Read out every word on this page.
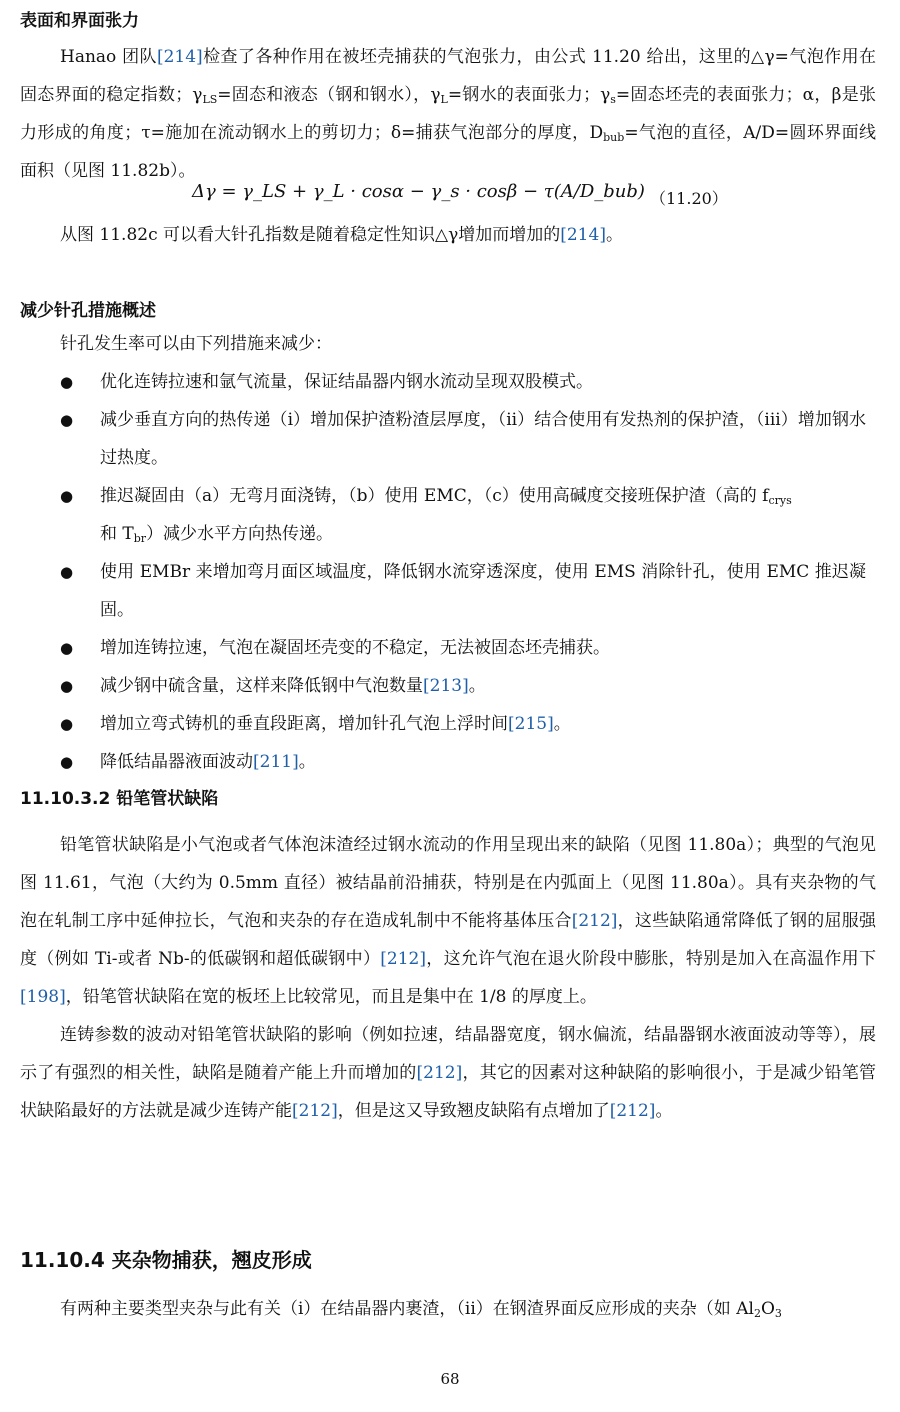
表面和界面张力

Hanao 团队[214]检查了各种作用在被坯壳捕获的气泡张力，由公式 11.20 给出，这里的△γ=气泡作用在固态界面的稳定指数；$\gamma_{LS}=$固态和液态（钢和钢水），$\gamma_L=$钢水的表面张力；$\gamma_s=$固态坯壳的表面张力；α，β是张力形成的角度；τ=施加在流动钢水上的剪切力；δ=捕获气泡部分的厚度，$D_{bub}=$气泡的直径，A/D=圆环界面线面积（见图 11.82b）。

Δγ = γ_LS + γ_L · cosα − γ_s · cosβ − τ(A/D_bub) （11.20）

从图 11.82c 可以看大针孔指数是随着稳定性知识△γ增加而增加的[214]。

减少针孔措施概述

针孔发生率可以由下列措施来减少：

● 优化连铸拉速和氩气流量，保证结晶器内钢水流动呈现双股模式。
● 减少垂直方向的热传递（i）增加保护渣粉渣层厚度，（ii）结合使用有发热剂的保护渣，（iii）增加钢水过热度。
● 推迟凝固由（a）无弯月面浇铸，（b）使用 EMC，（c）使用高碱度交接班保护渣（高的 $f_{crys}$
和 $T_{br}$）减少水平方向热传递。
● 使用 EMBr 来增加弯月面区域温度，降低钢水流穿透深度，使用 EMS 消除针孔，使用 EMC 推迟凝固。
● 增加连铸拉速，气泡在凝固坯壳变的不稳定，无法被固态坯壳捕获。
● 减少钢中硫含量，这样来降低钢中气泡数量[213]。
● 增加立弯式铸机的垂直段距离，增加针孔气泡上浮时间[215]。
● 降低结晶器液面波动[211]。
11.10.3.2 铅笔管状缺陷

铅笔管状缺陷是小气泡或者气体泡沫渣经过钢水流动的作用呈现出来的缺陷（见图 11.80a）；典型的气泡见图 11.61，气泡（大约为 0.5mm 直径）被结晶前沿捕获，特别是在内弧面上（见图 11.80a）。具有夹杂物的气泡在轧制工序中延伸拉长，气泡和夹杂的存在造成轧制中不能将基体压合[212]，这些缺陷通常降低了钢的屈服强度（例如 Ti-或者 Nb-的低碳钢和超低碳钢中）[212]，这允许气泡在退火阶段中膨胀，特别是加入在高温作用下[198]，铅笔管状缺陷在宽的板坯上比较常见，而且是集中在 1/8 的厚度上。

连铸参数的波动对铅笔管状缺陷的影响（例如拉速，结晶器宽度，钢水偏流，结晶器钢水液面波动等等），展示了有强烈的相关性，缺陷是随着产能上升而增加的[212]，其它的因素对这种缺陷的影响很小，于是减少铅笔管状缺陷最好的方法就是减少连铸产能[212]，但是这又导致翘皮缺陷有点增加了[212]。

11.10.4 夹杂物捕获，翘皮形成

有两种主要类型夹杂与此有关（i）在结晶器内裹渣，（ii）在钢渣界面反应形成的夹杂（如 $Al_2O_3$

68
